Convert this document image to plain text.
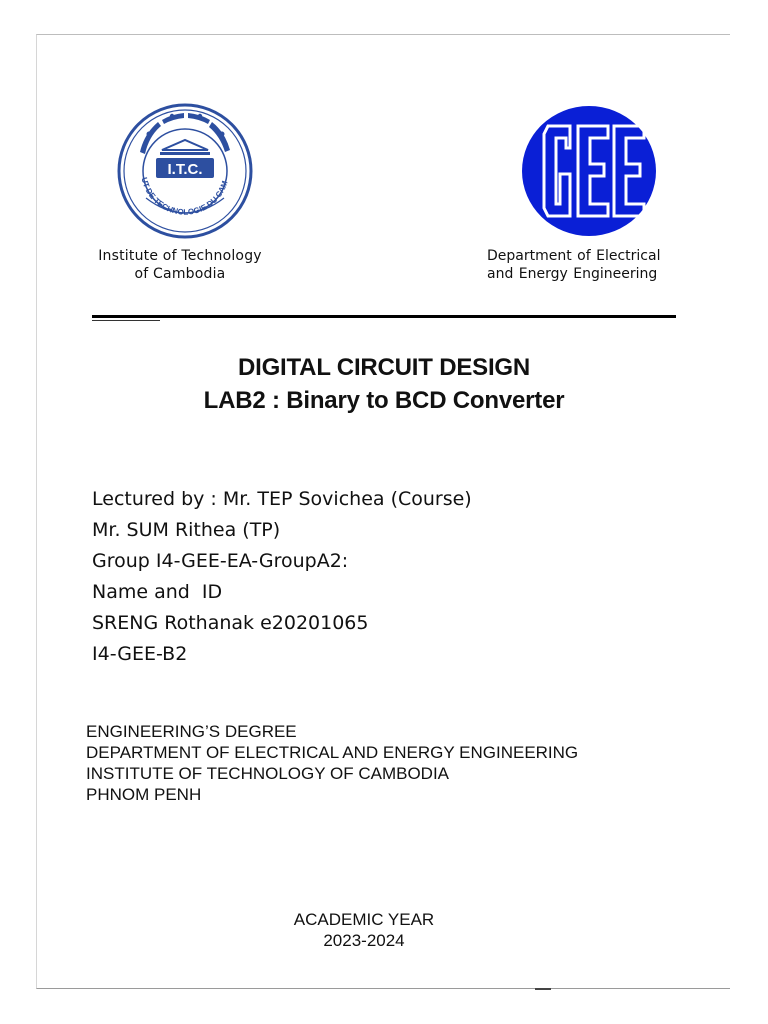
I.T.C.
UT DE TECHNOLOGIE DU CAM
Institute of Technology
of Cambodia
Department of Electrical
and Energy Engineering
DIGITAL CIRCUIT DESIGN
LAB2 : Binary to BCD Converter
Lectured by : Mr. TEP Sovichea (Course)
Mr. SUM Rithea (TP)
Group I4-GEE-EA-GroupA2:
Name and  ID
SRENG Rothanak e20201065
I4-GEE-B2
ENGINEERING’S DEGREE
DEPARTMENT OF ELECTRICAL AND ENERGY ENGINEERING
INSTITUTE OF TECHNOLOGY OF CAMBODIA
PHNOM PENH
ACADEMIC YEAR
2023-2024
